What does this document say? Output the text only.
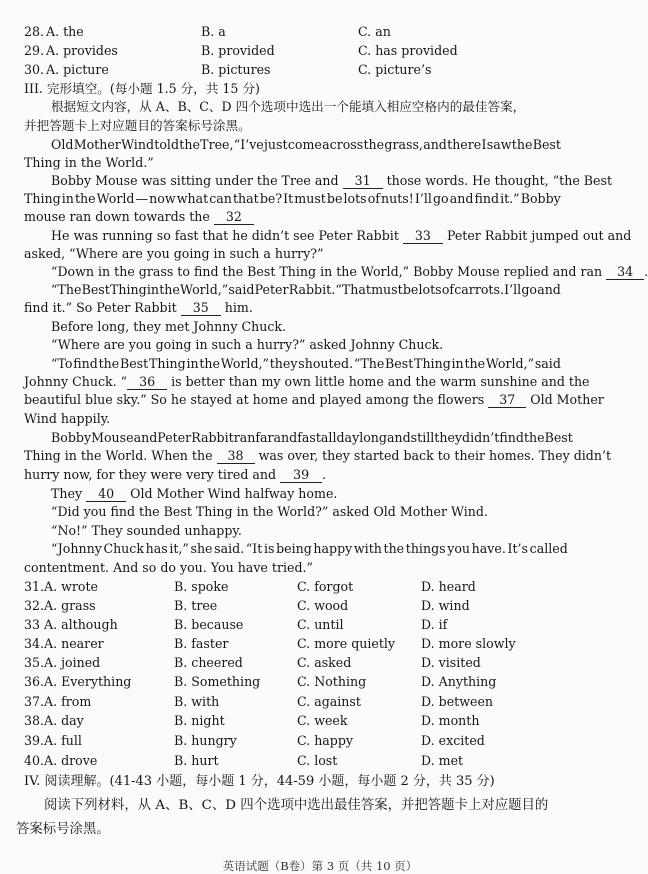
28. A. the	B. a	C. an
29. A. provides	B. provided	C. has provided
30. A. picture	B. pictures	C. picture’s
III. 完形填空。(每小题 1.5 分，共 15 分)
根据短文内容，从 A、B、C、D 四个选项中选出一个能填入相应空格内的最佳答案，
并把答题卡上对应题目的答案标号涂黑。
Old Mother Wind told the Tree, “I’ve just come across the grass, and there I saw the Best
Thing in the World.”
Bobby Mouse was sitting under the Tree and 31 those words. He thought, “the Best
Thing in the World — now what can that be? It must be lots of nuts! I’ll go and find it.” Bobby
mouse ran down towards the 32
He was running so fast that he didn’t see Peter Rabbit 33 Peter Rabbit jumped out and
asked, “Where are you going in such a hurry?”
“Down in the grass to find the Best Thing in the World,” Bobby Mouse replied and ran 34 .
“The Best Thing in the World,” said Peter Rabbit. “That must be lots of carrots. I’ll go and
find it.” So Peter Rabbit 35 him.
Before long, they met Johnny Chuck.
“Where are you going in such a hurry?” asked Johnny Chuck.
“To find the Best Thing in the World,” they shouted. “The Best Thing in the World,” said
Johnny Chuck. “ 36 is better than my own little home and the warm sunshine and the
beautiful blue sky.” So he stayed at home and played among the flowers 37 Old Mother
Wind happily.
Bobby Mouse and Peter Rabbit ran far and fast all day long and still they didn’t find the Best
Thing in the World. When the 38 was over, they started back to their homes. They didn’t
hurry now, for they were very tired and 39 .
They 40 Old Mother Wind halfway home.
“Did you find the Best Thing in the World?” asked Old Mother Wind.
“No!” They sounded unhappy.
“Johnny Chuck has it,” she said. “It is being happy with the things you have. It’s called
contentment. And so do you. You have tried.”
31. A. wrote	B. spoke	C. forgot	D. heard
32. A. grass	B. tree	C. wood	D. wind
33 A. although	B. because	C. until	D. if
34. A. nearer	B. faster	C. more quietly D. more slowly
35. A. joined	B. cheered	C. asked	D. visited
36. A. Everything	B. Something	C. Nothing	D. Anything
37. A. from	B. with	C. against	D. between
38. A. day	B. night	C. week	D. month
39. A. full	B. hungry	C. happy	D. excited
40. A. drove	B. hurt	C. lost	D. met
IV. 阅读理解。(41-43 小题，每小题 1 分，44-59 小题，每小题 2 分，共 35 分)
阅读下列材料，从 A、B、C、D 四个选项中选出最佳答案，并把答题卡上对应题目的
答案标号涂黑。
英语试题（B卷）第 3 页（共 10 页）
